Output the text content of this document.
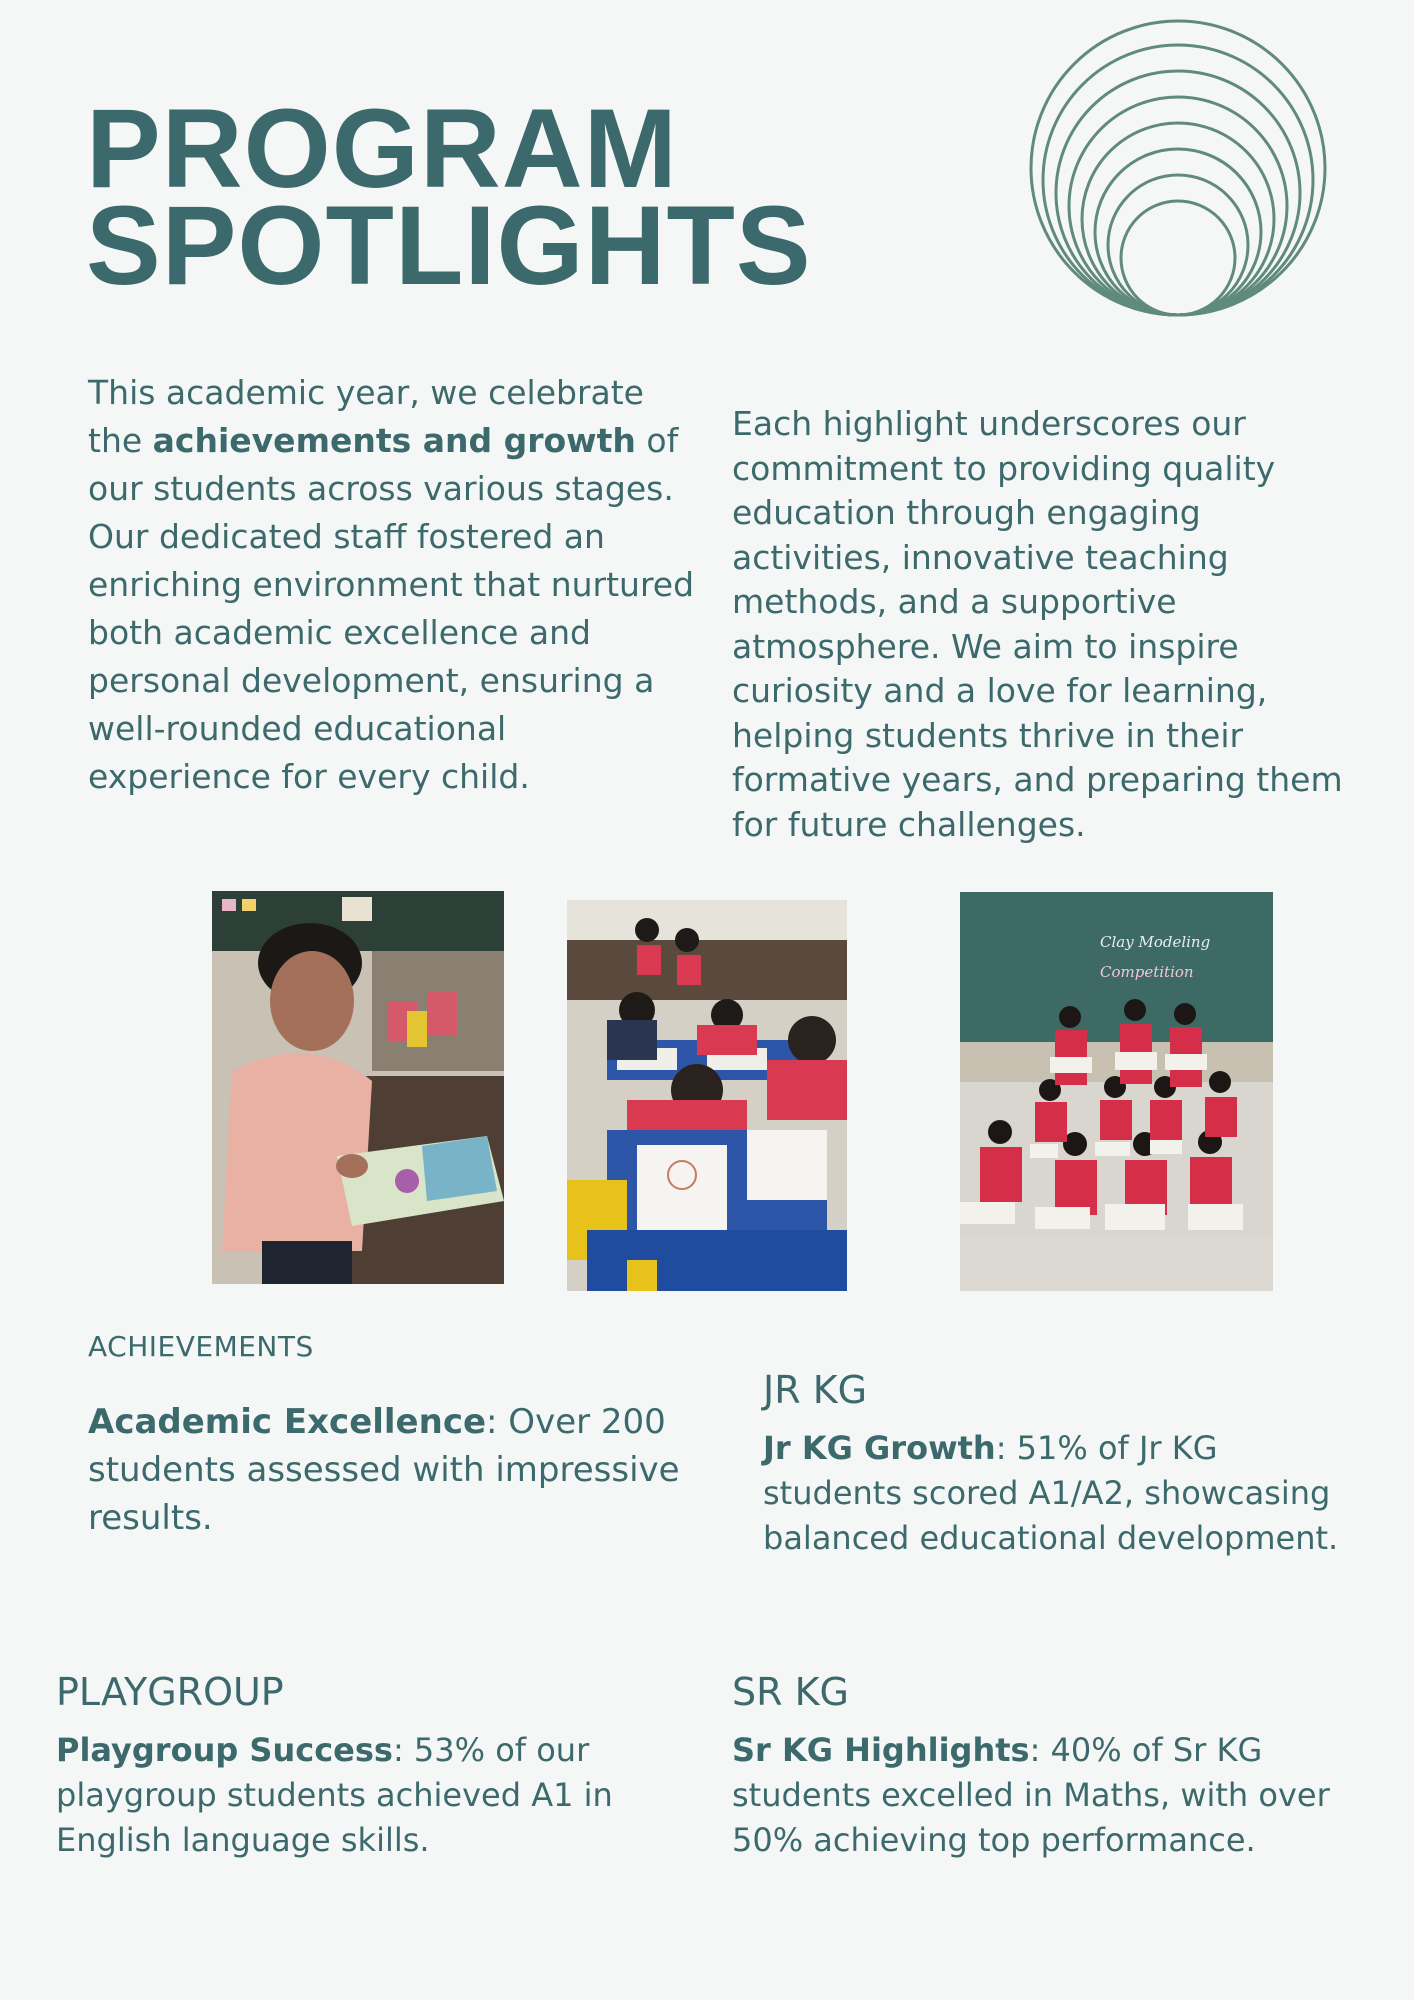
PROGRAM
SPOTLIGHTS

This academic year, we celebrate the achievements and growth of our students across various stages. Our dedicated staff fostered an enriching environment that nurtured both academic excellence and personal development, ensuring a well-rounded educational experience for every child.

Each highlight underscores our commitment to providing quality education through engaging activities, innovative teaching methods, and a supportive atmosphere. We aim to inspire curiosity and a love for learning, helping students thrive in their formative years, and preparing them for future challenges.

Clay Modeling
Competition

ACHIEVEMENTS

Academic Excellence: Over 200 students assessed with impressive results.

JR KG

Jr KG Growth: 51% of Jr KG students scored A1/A2, showcasing balanced educational development.

PLAYGROUP

Playgroup Success: 53% of our playgroup students achieved A1 in English language skills.

SR KG

Sr KG Highlights: 40% of Sr KG students excelled in Maths, with over 50% achieving top performance.
